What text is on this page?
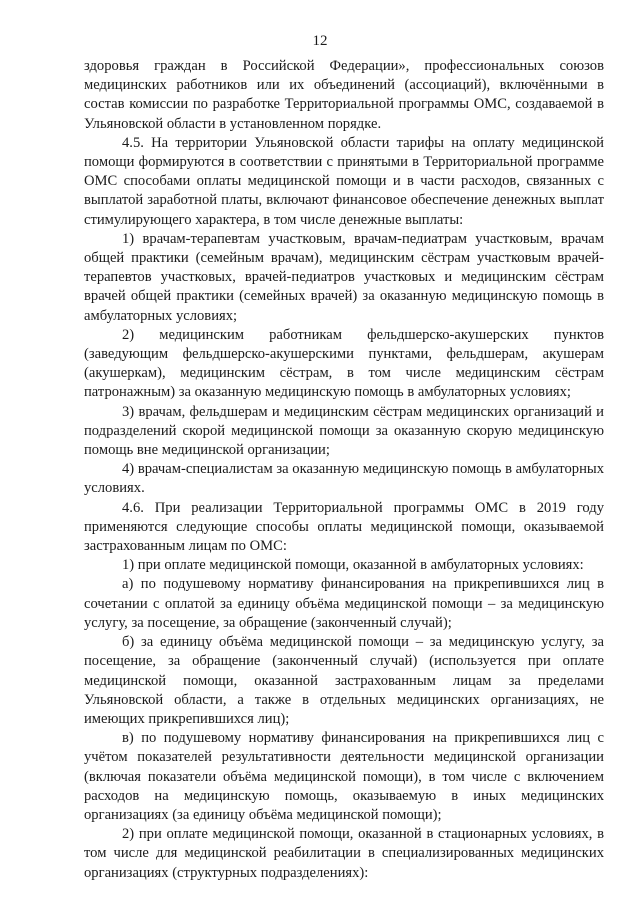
12

здоровья граждан в Российской Федерации», профессиональных союзов медицинских работников или их объединений (ассоциаций), включёнными в состав комиссии по разработке Территориальной программы ОМС, создаваемой в Ульяновской области в установленном порядке.

4.5. На территории Ульяновской области тарифы на оплату медицинской помощи формируются в соответствии с принятыми в Территориальной программе ОМС способами оплаты медицинской помощи и в части расходов, связанных с выплатой заработной платы, включают финансовое обеспечение денежных выплат стимулирующего характера, в том числе денежные выплаты:

1) врачам-терапевтам участковым, врачам-педиатрам участковым, врачам общей практики (семейным врачам), медицинским сёстрам участковым врачей-терапевтов участковых, врачей-педиатров участковых и медицинским сёстрам врачей общей практики (семейных врачей) за оказанную медицинскую помощь в амбулаторных условиях;

2) медицинским работникам фельдшерско-акушерских пунктов (заведующим фельдшерско-акушерскими пунктами, фельдшерам, акушерам (акушеркам), медицинским сёстрам, в том числе медицинским сёстрам патронажным) за оказанную медицинскую помощь в амбулаторных условиях;

3) врачам, фельдшерам и медицинским сёстрам медицинских организаций и подразделений скорой медицинской помощи за оказанную скорую медицинскую помощь вне медицинской организации;

4) врачам-специалистам за оказанную медицинскую помощь в амбулаторных условиях.

4.6. При реализации Территориальной программы ОМС в 2019 году применяются следующие способы оплаты медицинской помощи, оказываемой застрахованным лицам по ОМС:

1) при оплате медицинской помощи, оказанной в амбулаторных условиях:

а) по подушевому нормативу финансирования на прикрепившихся лиц в сочетании с оплатой за единицу объёма медицинской помощи – за медицинскую услугу, за посещение, за обращение (законченный случай);

б) за единицу объёма медицинской помощи – за медицинскую услугу, за посещение, за обращение (законченный случай) (используется при оплате медицинской помощи, оказанной застрахованным лицам за пределами Ульяновской области, а также в отдельных медицинских организациях, не имеющих прикрепившихся лиц);

в) по подушевому нормативу финансирования на прикрепившихся лиц с учётом показателей результативности деятельности медицинской организации (включая показатели объёма медицинской помощи), в том числе с включением расходов на медицинскую помощь, оказываемую в иных медицинских организациях (за единицу объёма медицинской помощи);

2) при оплате медицинской помощи, оказанной в стационарных условиях, в том числе для медицинской реабилитации в специализированных медицинских организациях (структурных подразделениях):
